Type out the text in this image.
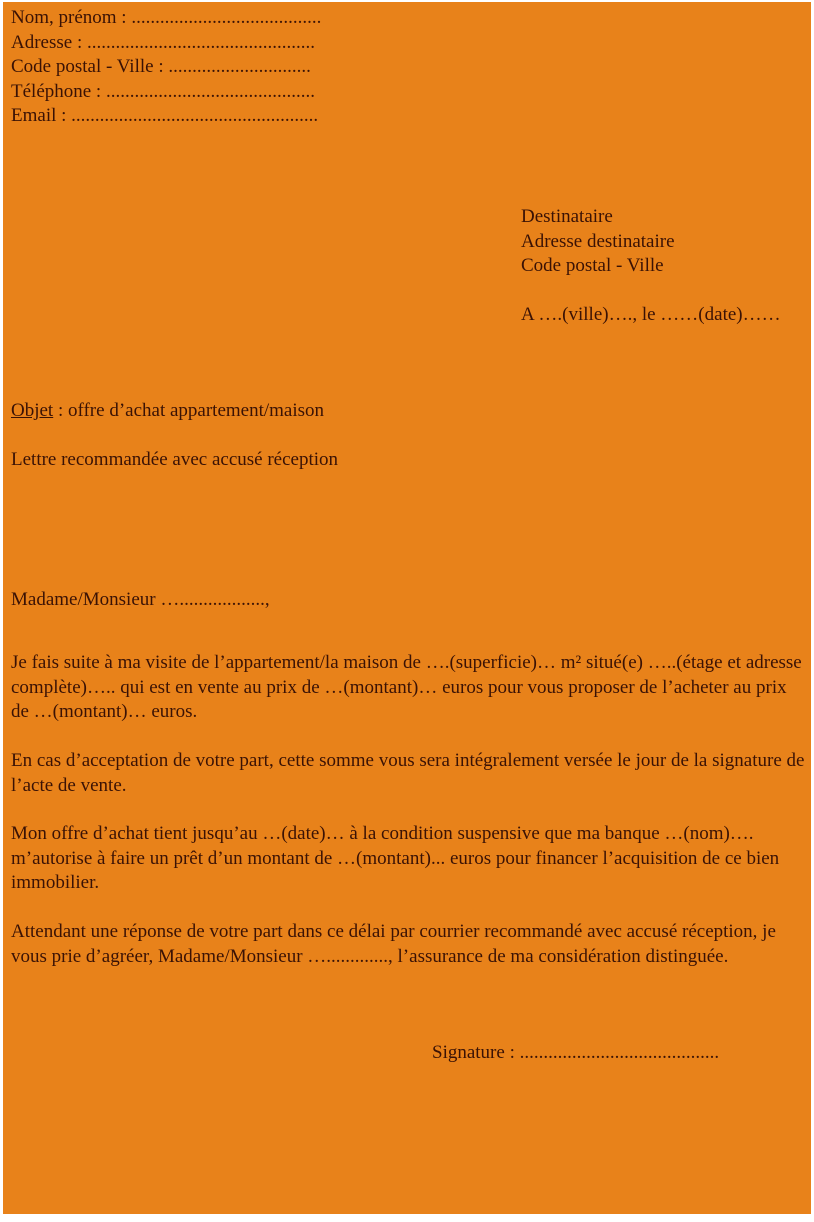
Nom, prénom : ........................................
Adresse : ................................................
Code postal - Ville : ..............................
Téléphone : ............................................
Email : ....................................................
Destinataire
Adresse destinataire
Code postal - Ville
A ….(ville)…., le ……(date)……
Objet : offre d’achat appartement/maison
Lettre recommandée avec accusé réception
Madame/Monsieur …..................,
Je fais suite à ma visite de l’appartement/la maison de ….(superficie)… m² situé(e) …..(étage et adresse complète)….. qui est en vente au prix de …(montant)… euros pour vous proposer de l’acheter au prix de …(montant)… euros.
En cas d’acceptation de votre part, cette somme vous sera intégralement versée le jour de la signature de l’acte de vente.
Mon offre d’achat tient jusqu’au …(date)… à la condition suspensive que ma banque …(nom)…. m’autorise à faire un prêt d’un montant de …(montant)... euros pour financer l’acquisition de ce bien immobilier.
Attendant une réponse de votre part dans ce délai par courrier recommandé avec accusé réception, je vous prie d’agréer, Madame/Monsieur …............., l’assurance de ma considération distinguée.
Signature : ..........................................
